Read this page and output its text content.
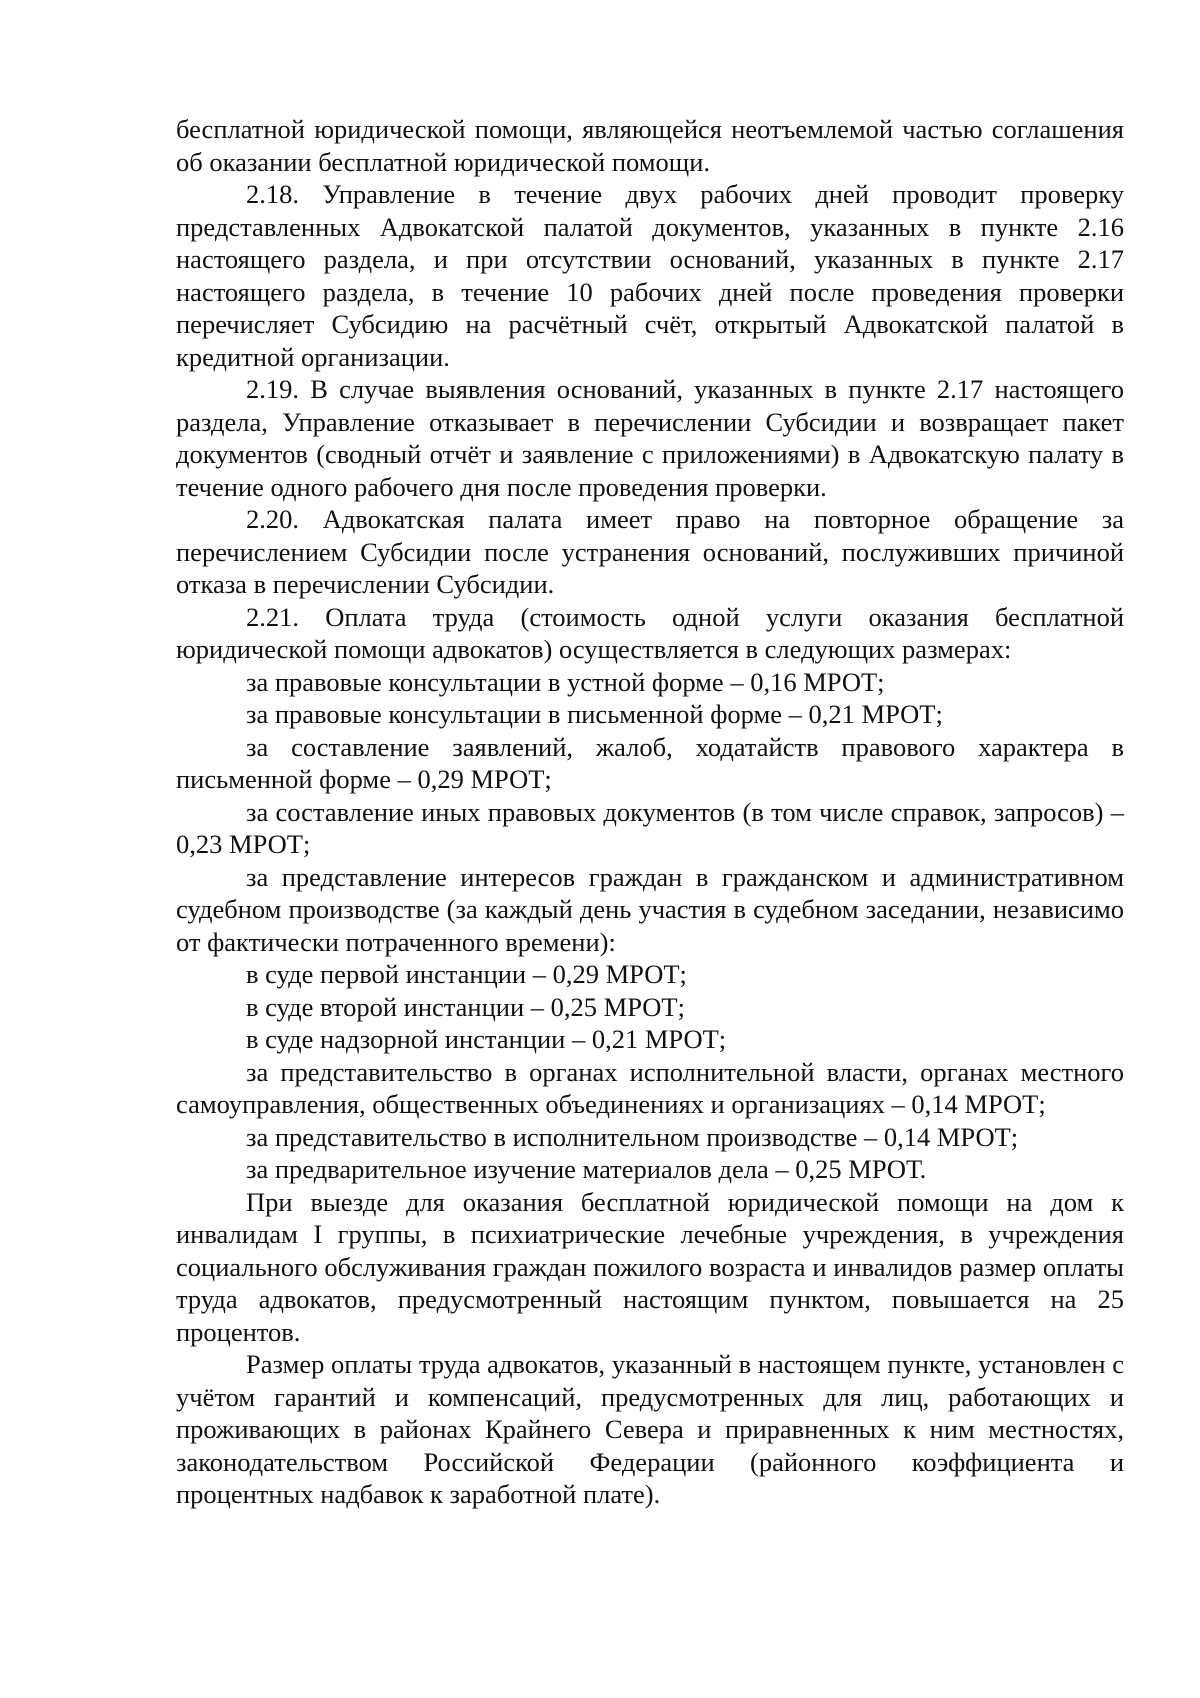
бесплатной юридической помощи, являющейся неотъемлемой частью соглашения об оказании бесплатной юридической помощи.

2.18. Управление в течение двух рабочих дней проводит проверку представленных Адвокатской палатой документов, указанных в пункте 2.16 настоящего раздела, и при отсутствии оснований, указанных в пункте 2.17 настоящего раздела, в течение 10 рабочих дней после проведения проверки перечисляет Субсидию на расчётный счёт, открытый Адвокатской палатой в кредитной организации.

2.19. В случае выявления оснований, указанных в пункте 2.17 настоящего раздела, Управление отказывает в перечислении Субсидии и возвращает пакет документов (сводный отчёт и заявление с приложениями) в Адвокатскую палату в течение одного рабочего дня после проведения проверки.

2.20. Адвокатская палата имеет право на повторное обращение за перечислением Субсидии после устранения оснований, послуживших причиной отказа в перечислении Субсидии.

2.21. Оплата труда (стоимость одной услуги оказания бесплатной юридической помощи адвокатов) осуществляется в следующих размерах:

за правовые консультации в устной форме – 0,16 МРОТ;

за правовые консультации в письменной форме – 0,21 МРОТ;

за составление заявлений, жалоб, ходатайств правового характера в письменной форме – 0,29 МРОТ;

за составление иных правовых документов (в том числе справок, запросов) – 0,23 МРОТ;

за представление интересов граждан в гражданском и административном судебном производстве (за каждый день участия в судебном заседании, независимо от фактически потраченного времени):

в суде первой инстанции – 0,29 МРОТ;

в суде второй инстанции – 0,25 МРОТ;

в суде надзорной инстанции – 0,21 МРОТ;

за представительство в органах исполнительной власти, органах местного самоуправления, общественных объединениях и организациях – 0,14 МРОТ;

за представительство в исполнительном производстве – 0,14 МРОТ;

за предварительное изучение материалов дела – 0,25 МРОТ.

При выезде для оказания бесплатной юридической помощи на дом к инвалидам I группы, в психиатрические лечебные учреждения, в учреждения социального обслуживания граждан пожилого возраста и инвалидов размер оплаты труда адвокатов, предусмотренный настоящим пунктом, повышается на 25 процентов.

Размер оплаты труда адвокатов, указанный в настоящем пункте, установлен с учётом гарантий и компенсаций, предусмотренных для лиц, работающих и проживающих в районах Крайнего Севера и приравненных к ним местностях, законодательством Российской Федерации (районного коэффициента и процентных надбавок к заработной плате).
